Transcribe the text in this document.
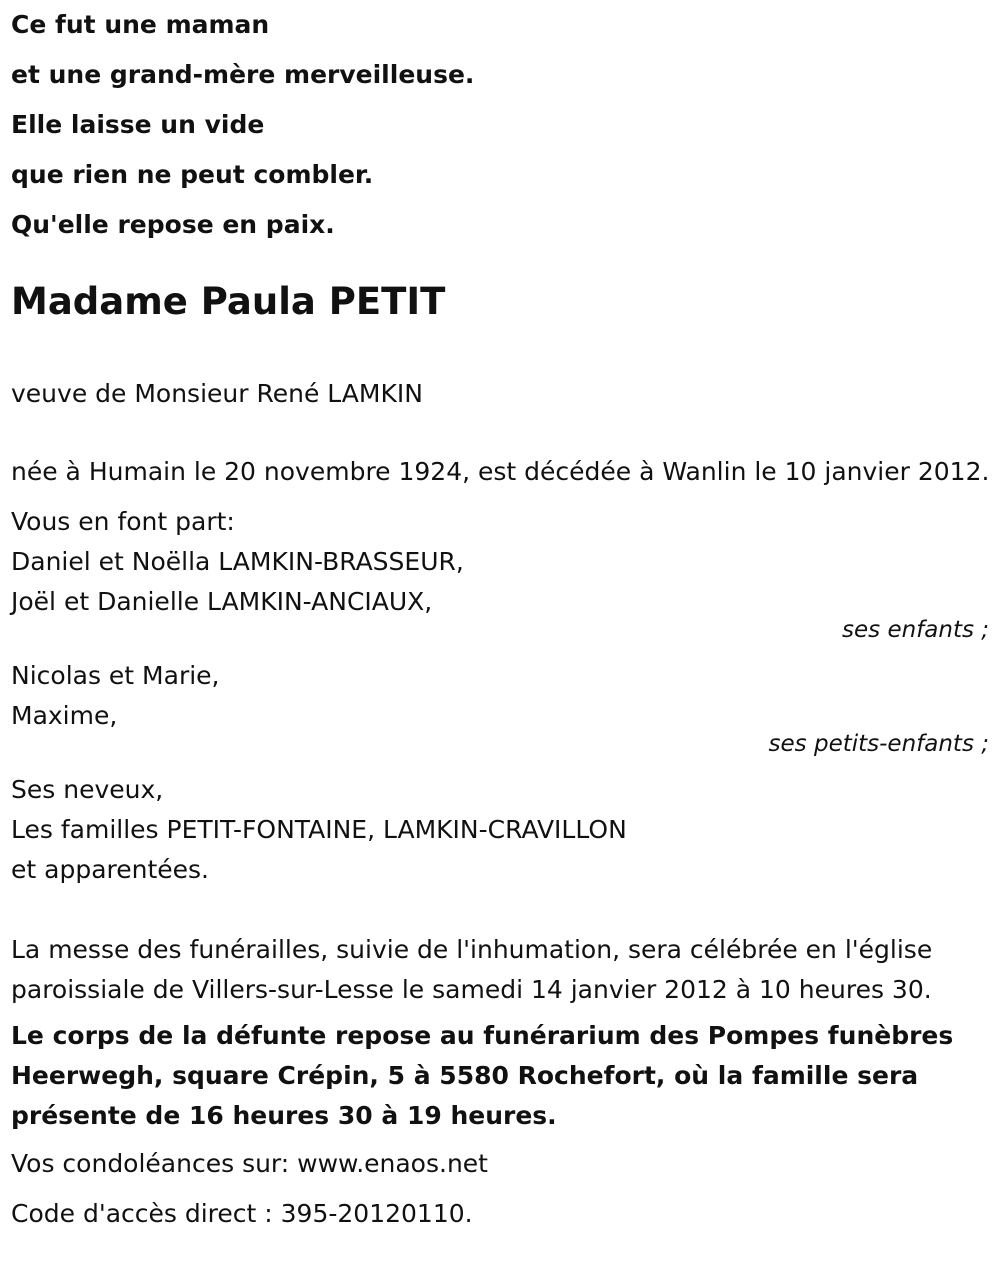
Ce fut une maman
et une grand-mère merveilleuse.
Elle laisse un vide
que rien ne peut combler.
Qu'elle repose en paix.
Madame Paula PETIT
veuve de Monsieur René LAMKIN
née à Humain le 20 novembre 1924, est décédée à Wanlin le 10 janvier 2012.
Vous en font part:
Daniel et Noëlla LAMKIN-BRASSEUR,
Joël et Danielle LAMKIN-ANCIAUX,
ses enfants ;
Nicolas et Marie,
Maxime,
ses petits-enfants ;
Ses neveux,
Les familles PETIT-FONTAINE, LAMKIN-CRAVILLON
et apparentées.
La messe des funérailles, suivie de l'inhumation, sera célébrée en l'église paroissiale de Villers-sur-Lesse le samedi 14 janvier 2012 à 10 heures 30.
Le corps de la défunte repose au funérarium des Pompes funèbres Heerwegh, square Crépin, 5 à 5580 Rochefort, où la famille sera présente de 16 heures 30 à 19 heures.
Vos condoléances sur: www.enaos.net
Code d'accès direct : 395-20120110.
